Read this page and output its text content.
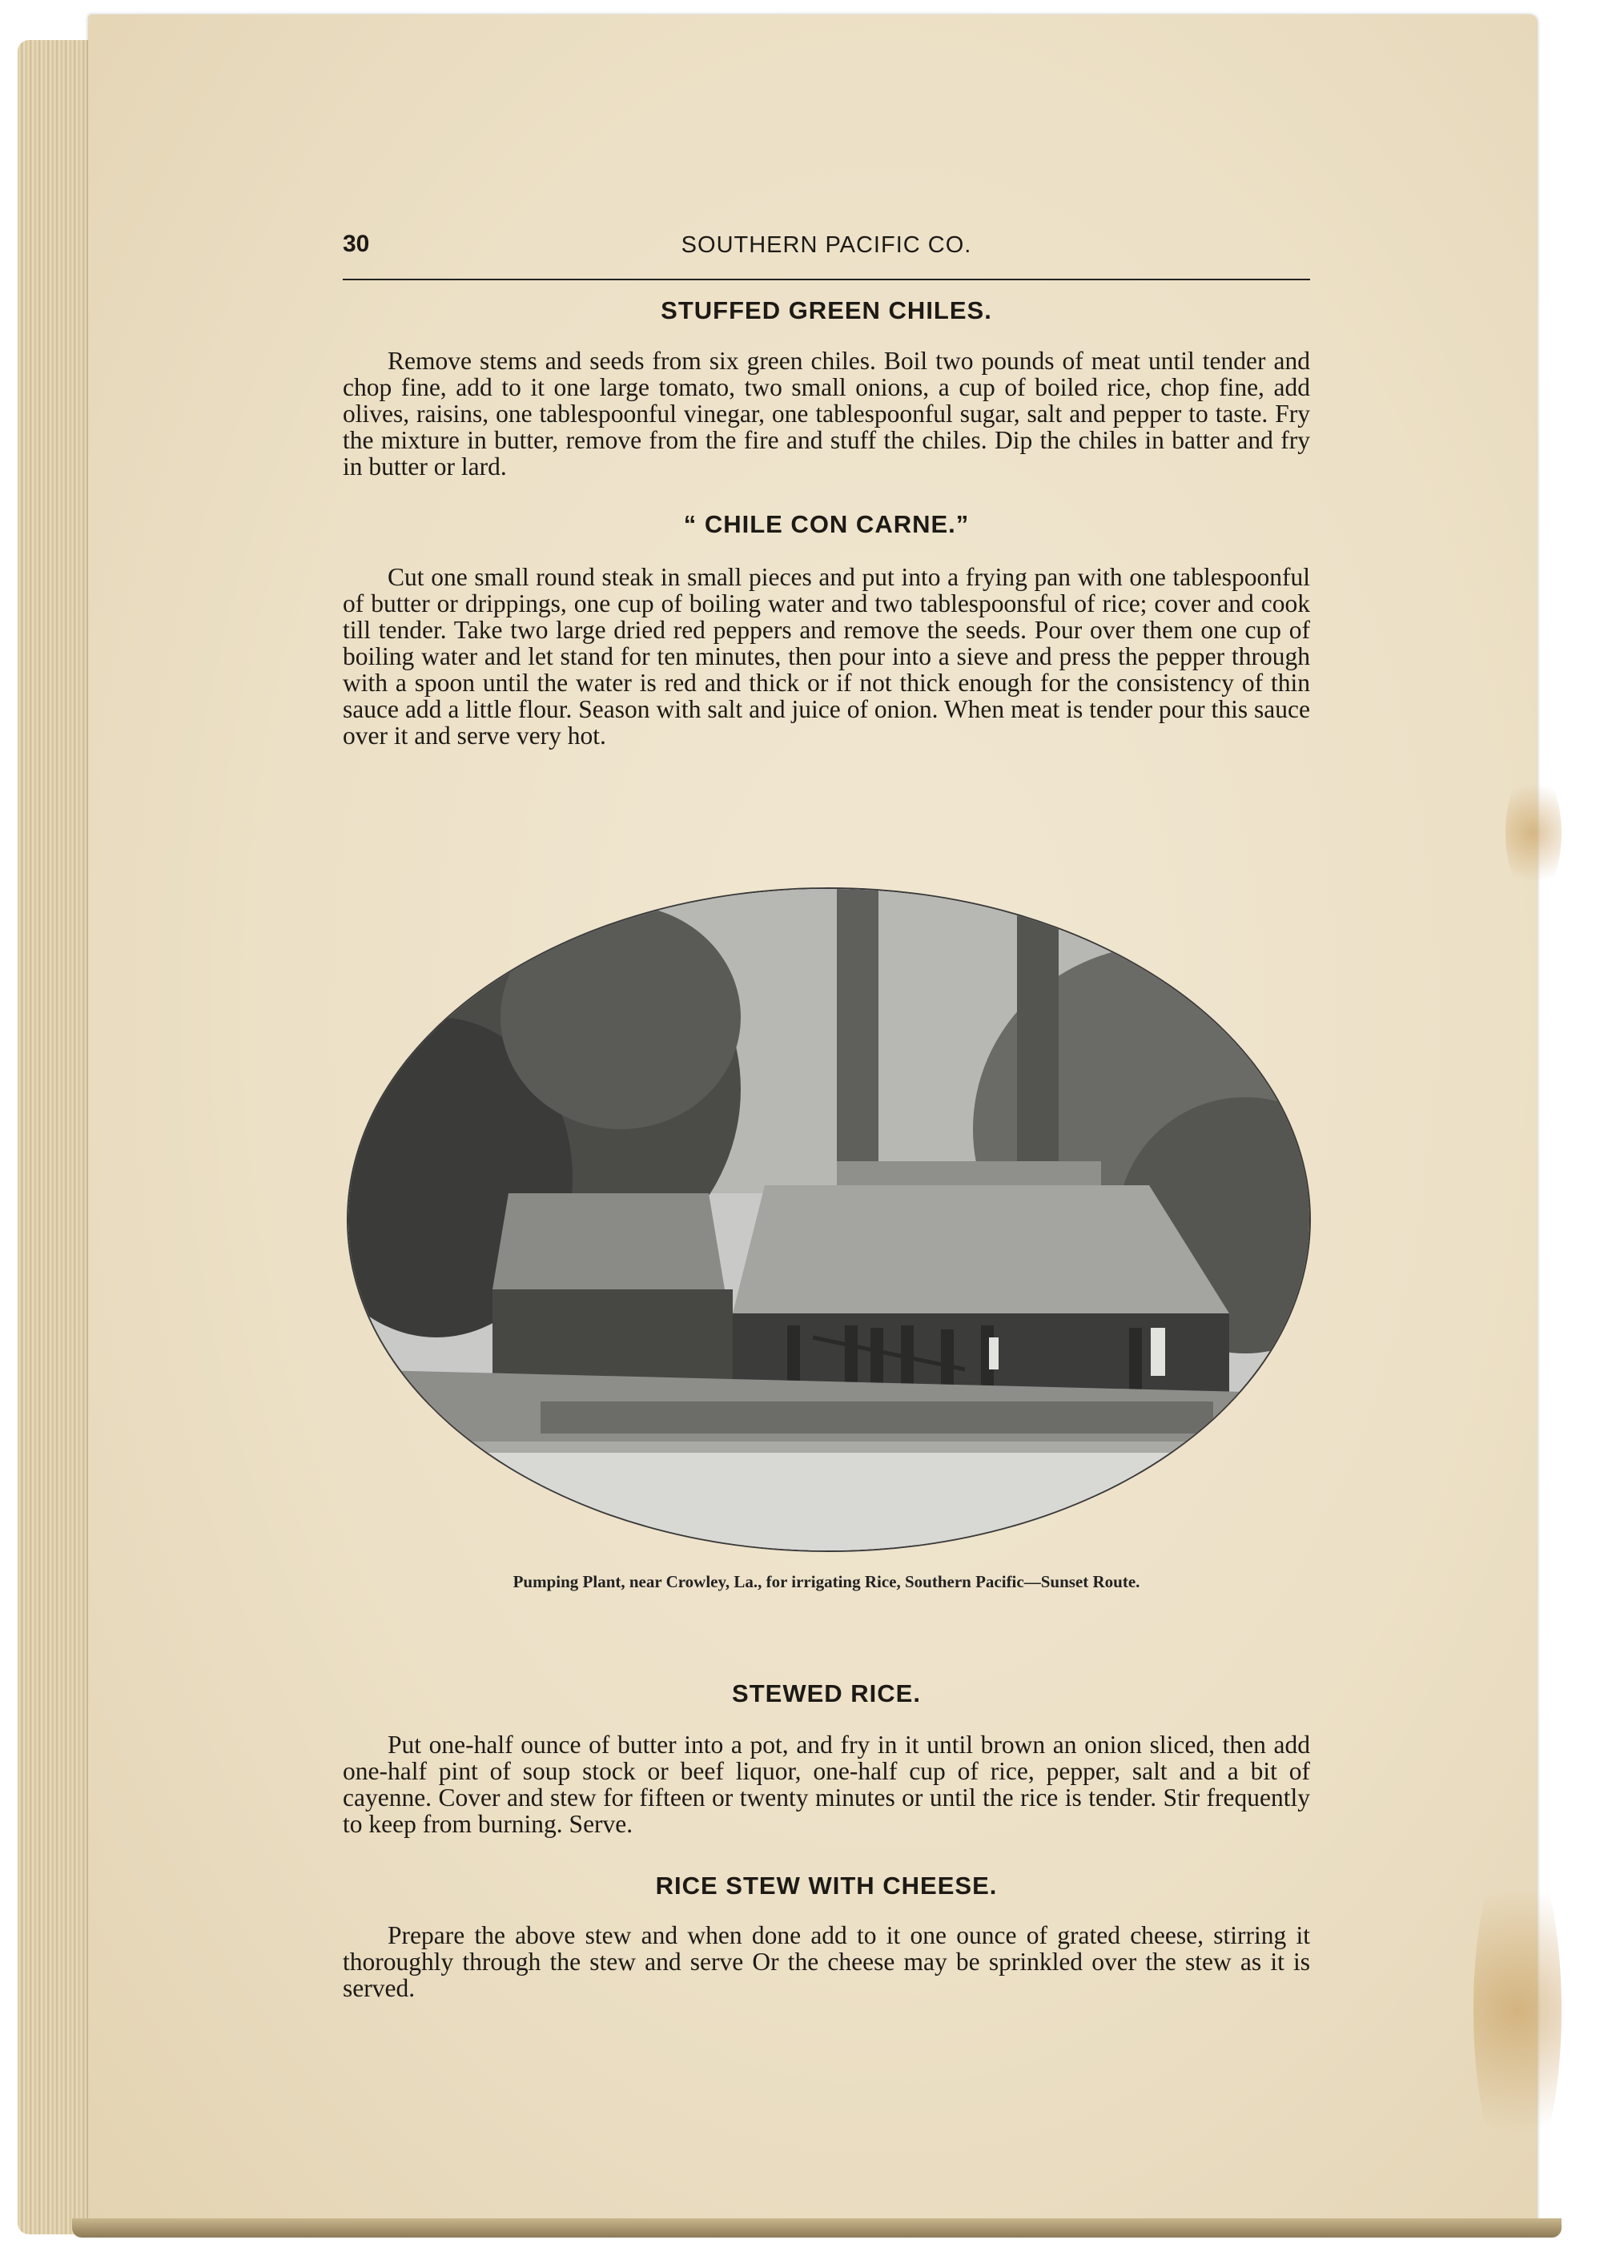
30	SOUTHERN PACIFIC CO.
STUFFED GREEN CHILES.
Remove stems and seeds from six green chiles. Boil two pounds of meat until tender and chop fine, add to it one large tomato, two small onions, a cup of boiled rice, chop fine, add olives, raisins, one tablespoonful vinegar, one tablespoonful sugar, salt and pepper to taste. Fry the mixture in butter, remove from the fire and stuff the chiles. Dip the chiles in batter and fry in butter or lard.
“ CHILE CON CARNE.”
Cut one small round steak in small pieces and put into a frying pan with one tablespoonful of butter or drippings, one cup of boiling water and two tablespoonsful of rice; cover and cook till tender. Take two large dried red peppers and remove the seeds. Pour over them one cup of boiling water and let stand for ten minutes, then pour into a sieve and press the pepper through with a spoon until the water is red and thick or if not thick enough for the consistency of thin sauce add a little flour. Season with salt and juice of onion. When meat is tender pour this sauce over it and serve very hot.
STEWED RICE.
Put one-half ounce of butter into a pot, and fry in it until brown an onion sliced, then add one-half pint of soup stock or beef liquor, one-half cup of rice, pepper, salt and a bit of cayenne. Cover and stew for fifteen or twenty minutes or until the rice is tender. Stir frequently to keep from burning. Serve.
RICE STEW WITH CHEESE.
Prepare the above stew and when done add to it one ounce of grated cheese, stirring it thoroughly through the stew and serve Or the cheese may be sprinkled over the stew as it is served.
Pumping Plant, near Crowley, La., for irrigating Rice, Southern Pacific—Sunset Route.
